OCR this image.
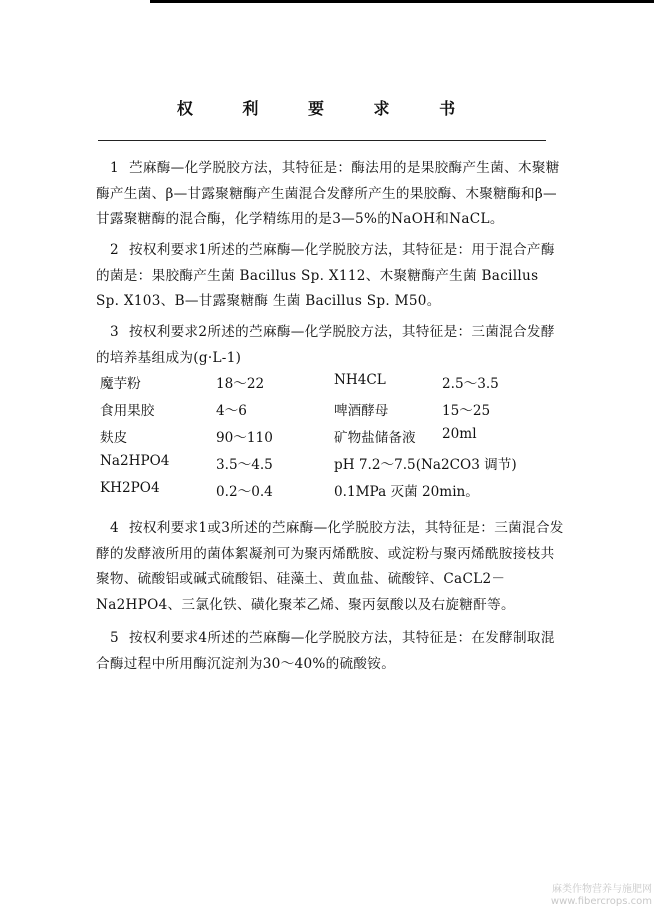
权 利 要 求 书
1 苎麻酶—化学脱胶方法，其特征是：酶法用的是果胶酶产生菌、木聚糖酶产生菌、β—甘露聚糖酶产生菌混合发酵所产生的果胶酶、木聚糖酶和β—甘露聚糖酶的混合酶，化学精练用的是3—5%的NaOH和NaCL。
2 按权利要求1所述的苎麻酶—化学脱胶方法，其特征是：用于混合产酶的菌是：果胶酶产生菌 Bacillus Sp. X112、木聚糖酶产生菌 Bacillus Sp. X103、B—甘露聚糖酶 生菌 Bacillus Sp. M50。
3 按权利要求2所述的苎麻酶—化学脱胶方法，其特征是：三菌混合发酵的培养基组成为(g·L-1)
魔芋粉	18～22	NH4CL	2.5～3.5
食用果胶	4～6	啤酒酵母	15～25
麸皮	90～110	矿物盐储备液 20ml
Na2HPO4	3.5～4.5	pH 7.2～7.5(Na2CO3 调节)
KH2PO4	0.2～0.4	0.1MPa 灭菌 20min。
4 按权利要求1或3所述的苎麻酶—化学脱胶方法，其特征是：三菌混合发酵的发酵液所用的菌体絮凝剂可为聚丙烯酰胺、或淀粉与聚丙烯酰胺接枝共聚物、硫酸铝或碱式硫酸铝、硅藻土、黄血盐、硫酸锌、CaCL2－Na2HPO4、三氯化铁、磺化聚苯乙烯、聚丙氨酸以及右旋糖酐等。
5 按权利要求4所述的苎麻酶—化学脱胶方法，其特征是：在发酵制取混合酶过程中所用酶沉淀剂为30～40%的硫酸铵。
麻类作物营养与施肥网
www.fibercrops.com
